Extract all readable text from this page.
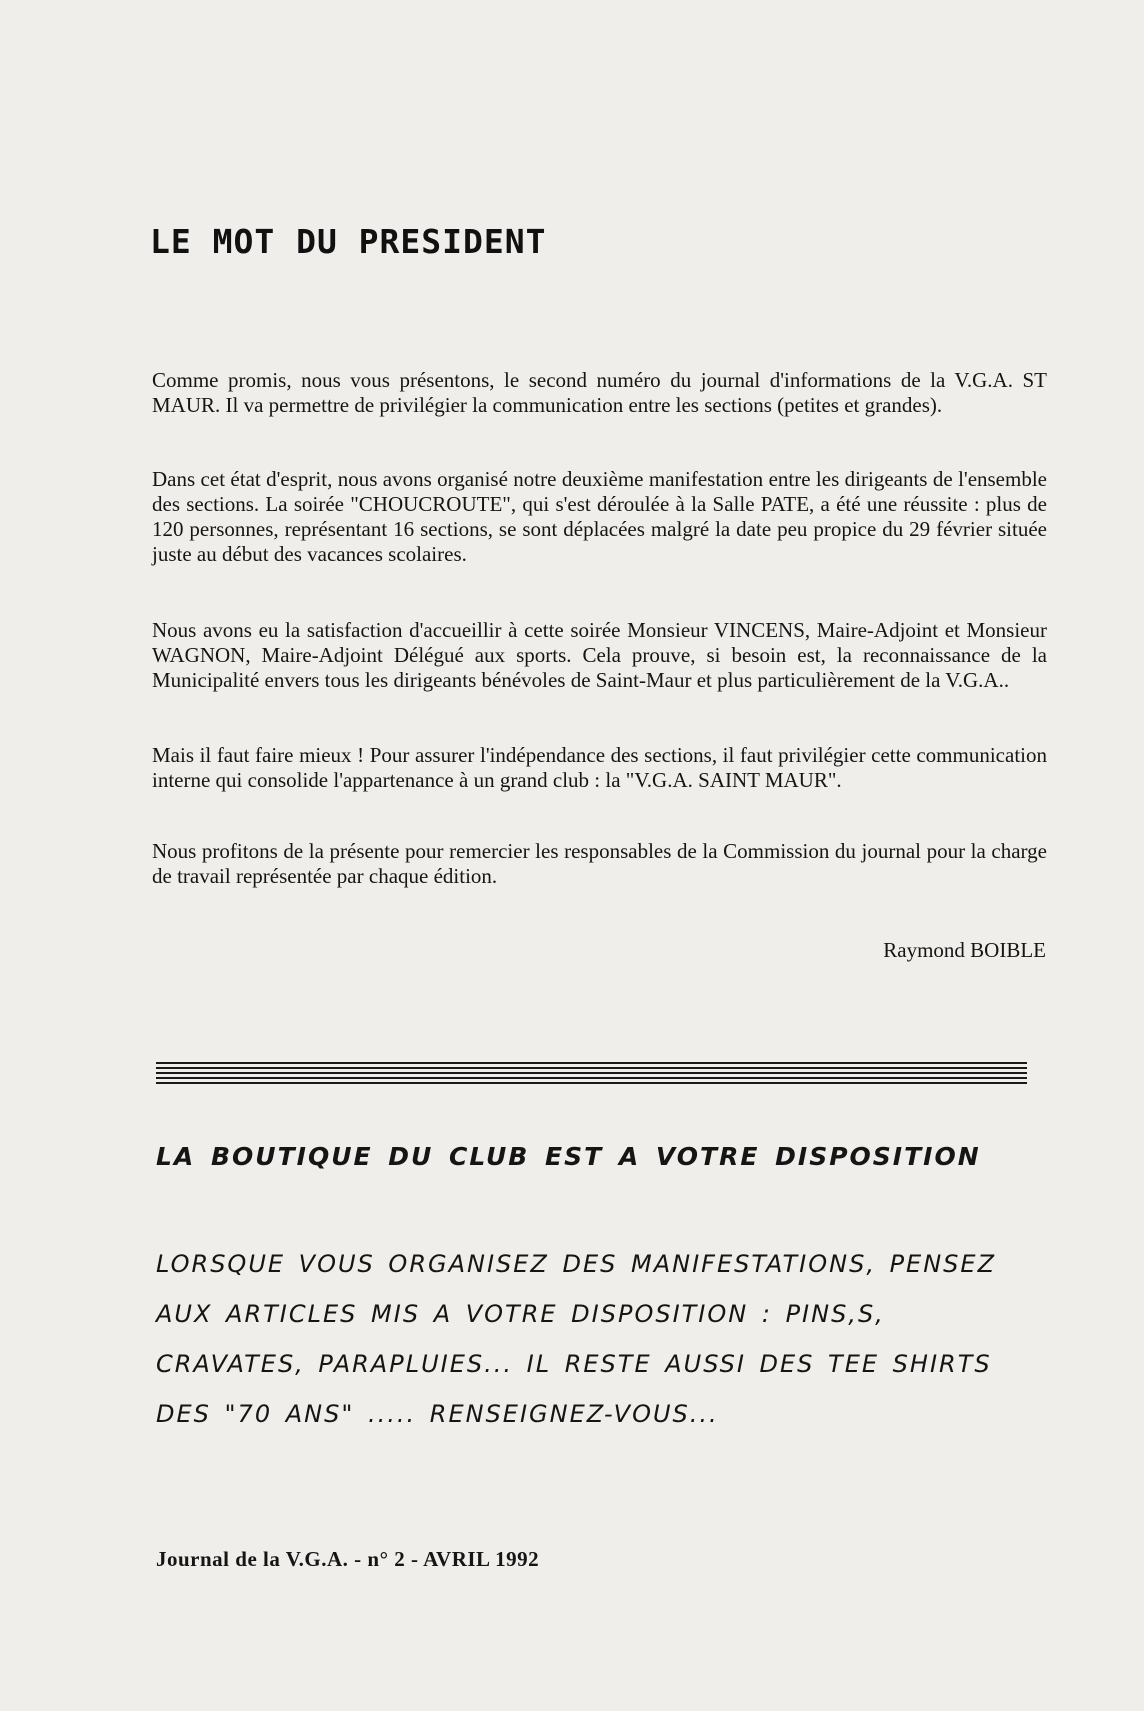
LE MOT DU PRESIDENT

Comme promis, nous vous présentons, le second numéro du journal d'informations de la V.G.A. ST MAUR. Il va permettre de privilégier la communication entre les sections (petites et grandes).

Dans cet état d'esprit, nous avons organisé notre deuxième manifestation entre les dirigeants de l'ensemble des sections. La soirée "CHOUCROUTE", qui s'est déroulée à la Salle PATE, a été une réussite : plus de 120 personnes, représentant 16 sections, se sont déplacées malgré la date peu propice du 29 février située juste au début des vacances scolaires.

Nous avons eu la satisfaction d'accueillir à cette soirée Monsieur VINCENS, Maire-Adjoint et Monsieur WAGNON, Maire-Adjoint Délégué aux sports. Cela prouve, si besoin est, la reconnaissance de la Municipalité envers tous les dirigeants bénévoles de Saint-Maur et plus particulièrement de la V.G.A..

Mais il faut faire mieux ! Pour assurer l'indépendance des sections, il faut privilégier cette communication interne qui consolide l'appartenance à un grand club : la "V.G.A. SAINT MAUR".

Nous profitons de la présente pour remercier les responsables de la Commission du journal pour la charge de travail représentée par chaque édition.

Raymond BOIBLE
LA BOUTIQUE DU CLUB EST A VOTRE DISPOSITION

LORSQUE VOUS ORGANISEZ DES MANIFESTATIONS, PENSEZ

AUX ARTICLES MIS A VOTRE DISPOSITION : PINS,S,

CRAVATES, PARAPLUIES... IL RESTE AUSSI DES TEE SHIRTS

DES "70 ANS" ..... RENSEIGNEZ-VOUS...

Journal de la V.G.A. - n° 2 - AVRIL 1992
